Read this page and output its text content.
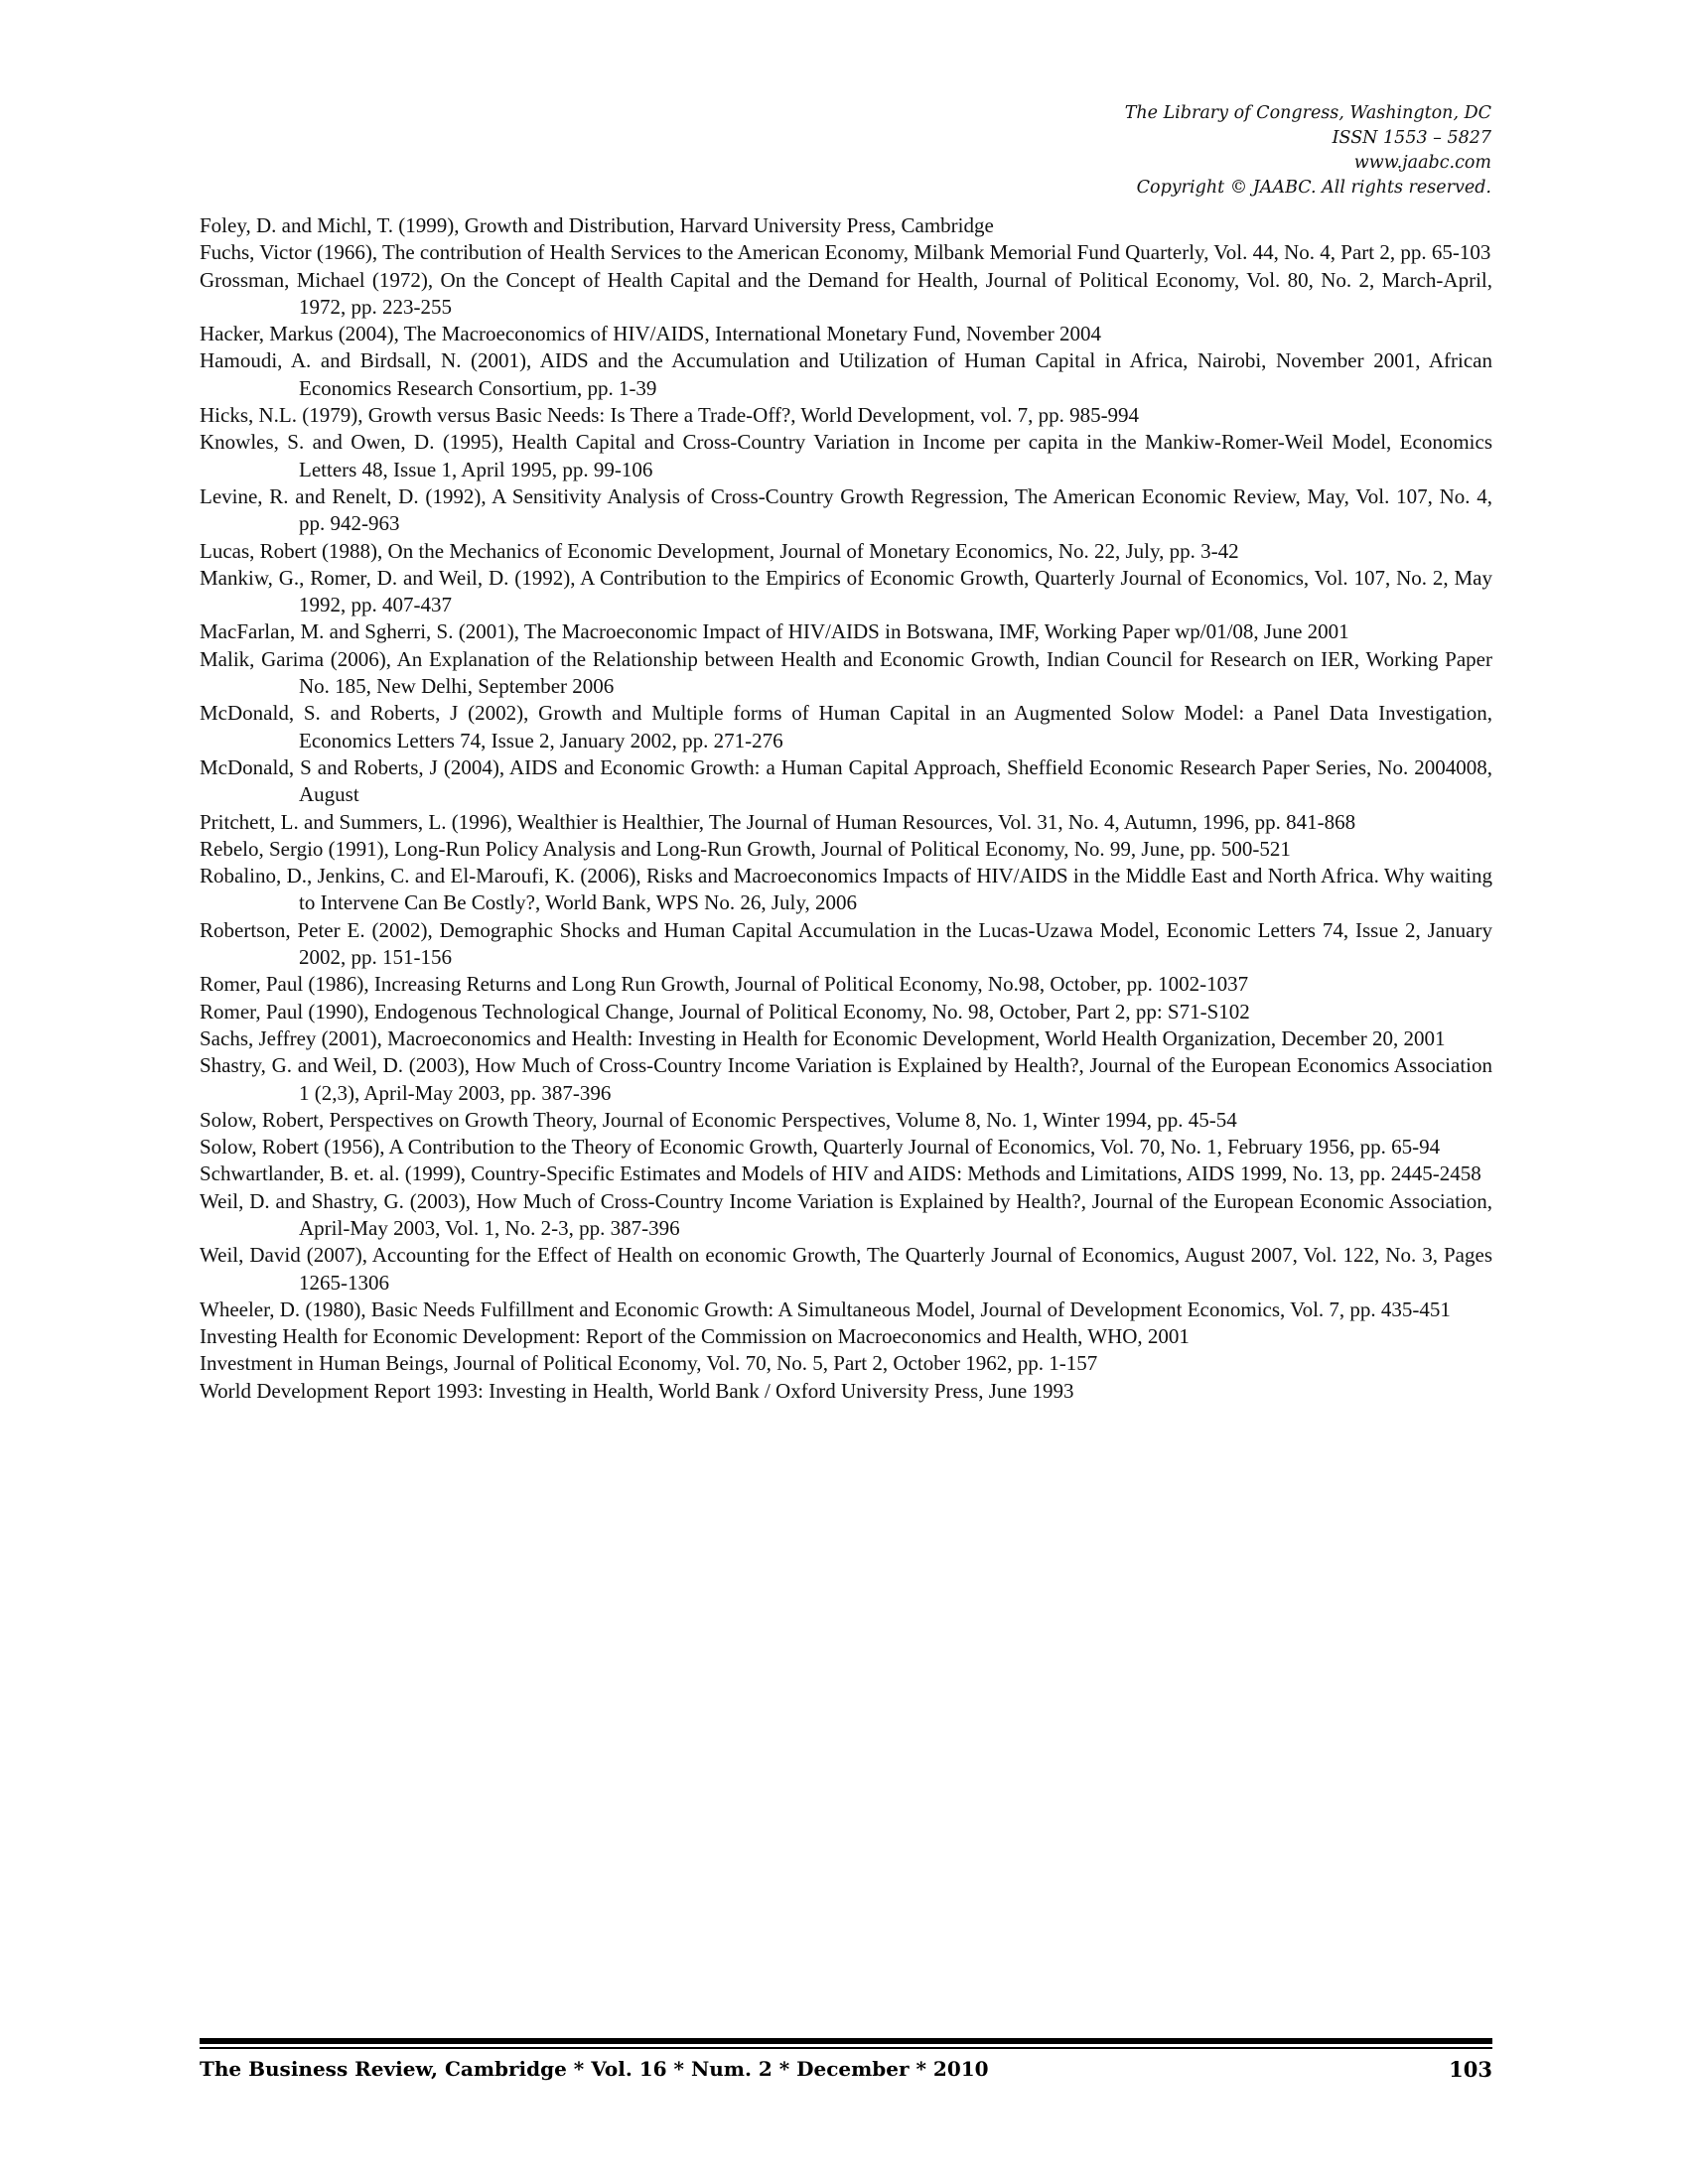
The Library of Congress, Washington, DC
ISSN 1553 – 5827
www.jaabc.com
Copyright © JAABC. All rights reserved.

Foley, D. and Michl, T. (1999), Growth and Distribution, Harvard University Press, Cambridge

Fuchs, Victor (1966), The contribution of Health Services to the American Economy, Milbank Memorial Fund Quarterly, Vol. 44, No. 4, Part 2, pp. 65-103

Grossman, Michael (1972), On the Concept of Health Capital and the Demand for Health, Journal of Political Economy, Vol. 80, No. 2, March-April, 1972, pp. 223-255

Hacker, Markus (2004), The Macroeconomics of HIV/AIDS, International Monetary Fund, November 2004

Hamoudi, A. and Birdsall, N. (2001), AIDS and the Accumulation and Utilization of Human Capital in Africa, Nairobi, November 2001, African Economics Research Consortium, pp. 1-39

Hicks, N.L. (1979), Growth versus Basic Needs: Is There a Trade-Off?, World Development, vol. 7, pp. 985-994

Knowles, S. and Owen, D. (1995), Health Capital and Cross-Country Variation in Income per capita in the Mankiw-Romer-Weil Model, Economics Letters 48, Issue 1, April 1995, pp. 99-106

Levine, R. and Renelt, D. (1992), A Sensitivity Analysis of Cross-Country Growth Regression, The American Economic Review, May, Vol. 107, No. 4, pp. 942-963

Lucas, Robert (1988), On the Mechanics of Economic Development, Journal of Monetary Economics, No. 22, July, pp. 3-42

Mankiw, G., Romer, D. and Weil, D. (1992), A Contribution to the Empirics of Economic Growth, Quarterly Journal of Economics, Vol. 107, No. 2, May 1992, pp. 407-437

MacFarlan, M. and Sgherri, S. (2001), The Macroeconomic Impact of HIV/AIDS in Botswana, IMF, Working Paper wp/01/08, June 2001

Malik, Garima (2006), An Explanation of the Relationship between Health and Economic Growth, Indian Council for Research on IER, Working Paper No. 185, New Delhi, September 2006

McDonald, S. and Roberts, J (2002), Growth and Multiple forms of Human Capital in an Augmented Solow Model: a Panel Data Investigation, Economics Letters 74, Issue 2, January 2002, pp. 271-276

McDonald, S and Roberts, J (2004), AIDS and Economic Growth: a Human Capital Approach, Sheffield Economic Research Paper Series, No. 2004008, August

Pritchett, L. and Summers, L. (1996), Wealthier is Healthier, The Journal of Human Resources, Vol. 31, No. 4, Autumn, 1996, pp. 841-868

Rebelo, Sergio (1991), Long-Run Policy Analysis and Long-Run Growth, Journal of Political Economy, No. 99, June, pp. 500-521

Robalino, D., Jenkins, C. and El-Maroufi, K. (2006), Risks and Macroeconomics Impacts of HIV/AIDS in the Middle East and North Africa. Why waiting to Intervene Can Be Costly?, World Bank, WPS No. 26, July, 2006

Robertson, Peter E. (2002), Demographic Shocks and Human Capital Accumulation in the Lucas-Uzawa Model, Economic Letters 74, Issue 2, January 2002, pp. 151-156

Romer, Paul (1986), Increasing Returns and Long Run Growth, Journal of Political Economy, No.98, October, pp. 1002-1037

Romer, Paul (1990), Endogenous Technological Change, Journal of Political Economy, No. 98, October, Part 2, pp: S71-S102

Sachs, Jeffrey (2001), Macroeconomics and Health: Investing in Health for Economic Development, World Health Organization, December 20, 2001

Shastry, G. and Weil, D. (2003), How Much of Cross-Country Income Variation is Explained by Health?, Journal of the European Economics Association 1 (2,3), April-May 2003, pp. 387-396

Solow, Robert, Perspectives on Growth Theory, Journal of Economic Perspectives, Volume 8, No. 1, Winter 1994, pp. 45-54

Solow, Robert (1956), A Contribution to the Theory of Economic Growth, Quarterly Journal of Economics, Vol. 70, No. 1, February 1956, pp. 65-94

Schwartlander, B. et. al. (1999), Country-Specific Estimates and Models of HIV and AIDS: Methods and Limitations, AIDS 1999, No. 13, pp. 2445-2458

Weil, D. and Shastry, G. (2003), How Much of Cross-Country Income Variation is Explained by Health?, Journal of the European Economic Association, April-May 2003, Vol. 1, No. 2-3, pp. 387-396

Weil, David (2007), Accounting for the Effect of Health on economic Growth, The Quarterly Journal of Economics, August 2007, Vol. 122, No. 3, Pages 1265-1306

Wheeler, D. (1980), Basic Needs Fulfillment and Economic Growth: A Simultaneous Model, Journal of Development Economics, Vol. 7, pp. 435-451

Investing Health for Economic Development: Report of the Commission on Macroeconomics and Health, WHO, 2001

Investment in Human Beings, Journal of Political Economy, Vol. 70, No. 5, Part 2, October 1962, pp. 1-157

World Development Report 1993: Investing in Health, World Bank / Oxford University Press, June 1993

The Business Review, Cambridge * Vol. 16 * Num. 2 * December * 2010	103
